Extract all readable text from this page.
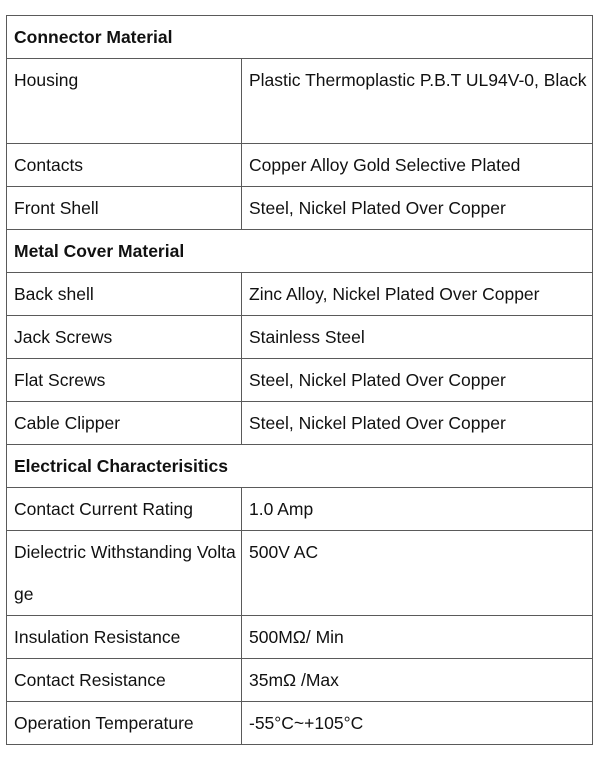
Connector Material	
Housing	Plastic Thermoplastic P.B.T UL94V-0, Black
Contacts	Copper Alloy Gold Selective Plated
Front Shell	Steel, Nickel Plated Over Copper
Metal Cover Material	
Back shell	Zinc Alloy, Nickel Plated Over Copper
Jack Screws	Stainless Steel
Flat Screws	Steel, Nickel Plated Over Copper
Cable Clipper	Steel, Nickel Plated Over Copper
Electrical Characterisitics	
Contact Current Rating	1.0 Amp
Dielectric Withstanding Voltage	500V AC
Insulation Resistance	500MΩ/ Min
Contact Resistance	35mΩ /Max
Operation Temperature	-55°C~+105°C
